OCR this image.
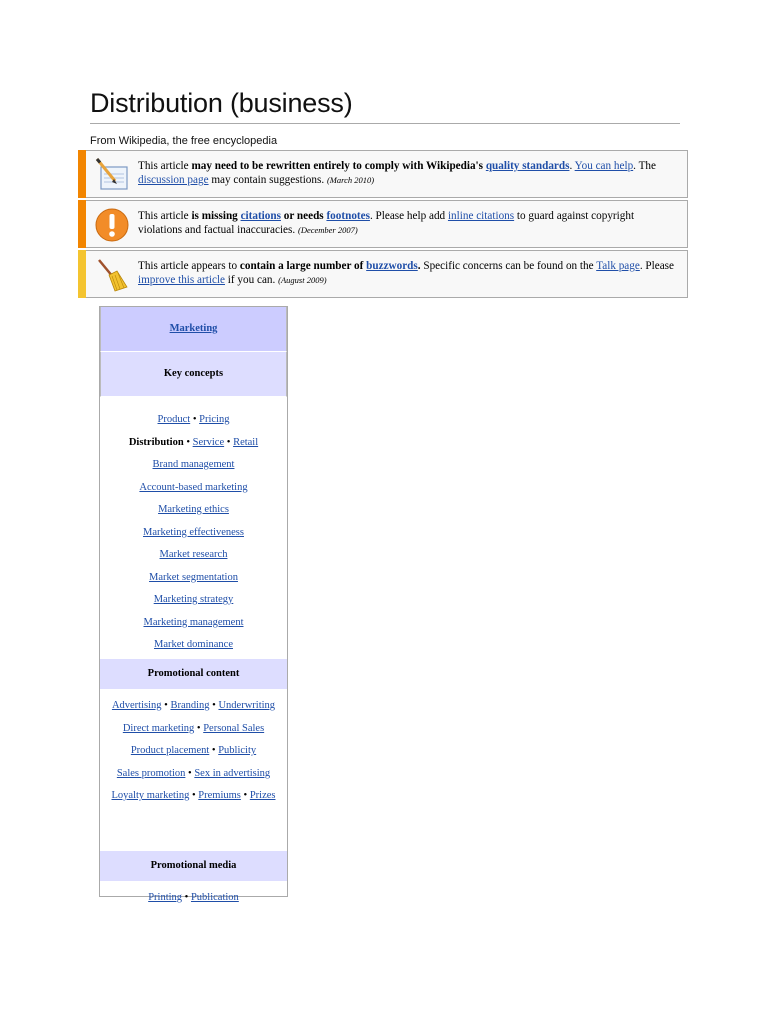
Distribution (business)
From Wikipedia, the free encyclopedia
This article may need to be rewritten entirely to comply with Wikipedia's quality standards. You can help. The discussion page may contain suggestions. (March 2010)
This article is missing citations or needs footnotes. Please help add inline citations to guard against copyright violations and factual inaccuracies. (December 2007)
This article appears to contain a large number of buzzwords. Specific concerns can be found on the Talk page. Please improve this article if you can. (August 2009)
Marketing
Key concepts
Product • Pricing
Distribution • Service • Retail
Brand management
Account-based marketing
Marketing ethics
Marketing effectiveness
Market research
Market segmentation
Marketing strategy
Marketing management
Market dominance
Promotional content
Advertising • Branding • Underwriting
Direct marketing • Personal Sales
Product placement • Publicity
Sales promotion • Sex in advertising
Loyalty marketing • Premiums • Prizes
Promotional media
Printing • Publication
